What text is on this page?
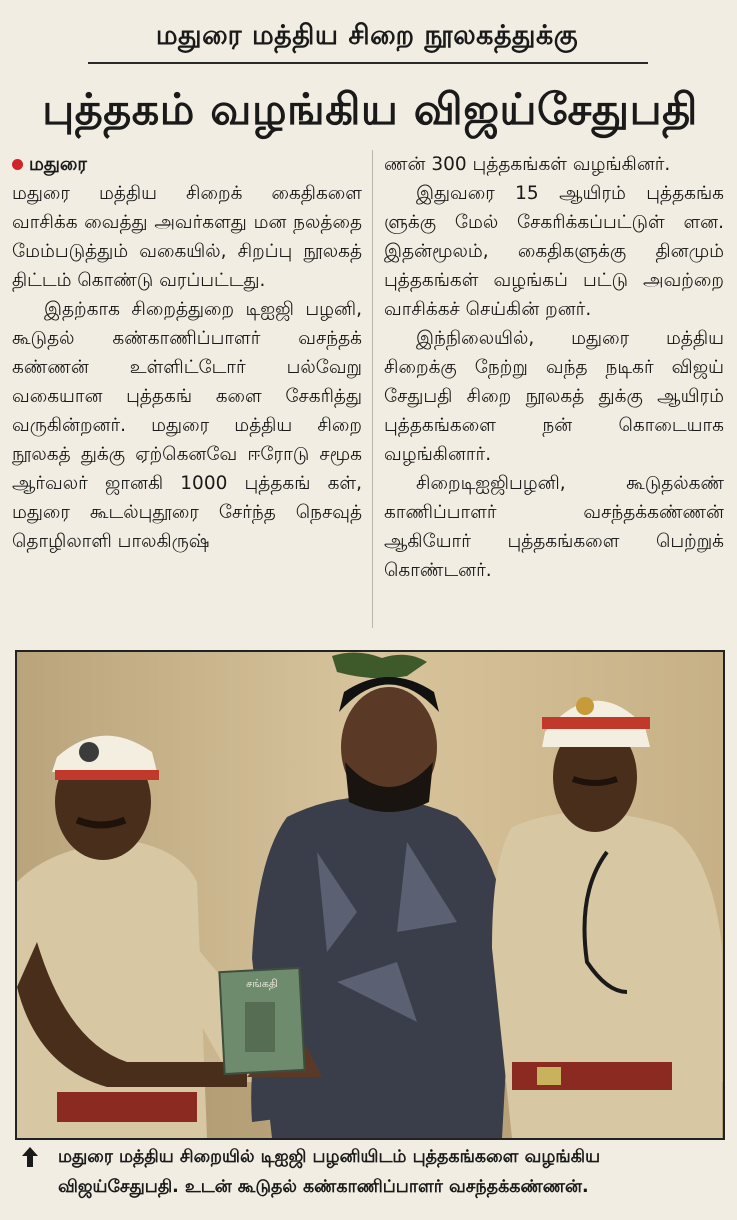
மதுரை மத்திய சிறை நூலகத்துக்கு
புத்தகம் வழங்கிய விஜய்சேதுபதி

மதுரை

மதுரை மத்திய சிறைக் கைதிகளை வாசிக்க வைத்து அவர்களது மன நலத்தை மேம்படுத்தும் வகையில், சிறப்பு நூலகத் திட்டம் கொண்டு வரப்பட்டது.

இதற்காக சிறைத்துறை டிஐஜி பழனி, கூடுதல் கண்காணிப்பாளர் வசந்தக் கண்ணன் உள்ளிட்டோர் பல்வேறு வகையான புத்தகங் களை சேகரித்து வருகின்றனர். மதுரை மத்திய சிறை நூலகத் துக்கு ஏற்கெனவே ஈரோடு சமூக ஆர்வலர் ஜானகி 1000 புத்தகங் கள், மதுரை கூடல்புதூரை சேர்ந்த நெசவுத் தொழிலாளி பாலகிருஷ்

ணன் 300 புத்தகங்கள் வழங்கினர்.

இதுவரை 15 ஆயிரம் புத்தகங்க ளுக்கு மேல் சேகரிக்கப்பட்டுள் ளன. இதன்மூலம், கைதிகளுக்கு தினமும் புத்தகங்கள் வழங்கப் பட்டு அவற்றை வாசிக்கச் செய்கின் றனர்.

இந்நிலையில், மதுரை மத்திய சிறைக்கு நேற்று வந்த நடிகர் விஜய் சேதுபதி சிறை நூலகத் துக்கு ஆயிரம் புத்தகங்களை நன் கொடையாக வழங்கினார்.

சிறைடிஐஜிபழனி, கூடுதல்கண் காணிப்பாளர் வசந்தக்கண்ணன் ஆகியோர் புத்தகங்களை பெற்றுக் கொண்டனர்.

சங்கதி
மதுரை மத்திய சிறையில் டிஐஜி பழனியிடம் புத்தகங்களை வழங்கிய
விஜய்சேதுபதி. உடன் கூடுதல் கண்காணிப்பாளர் வசந்தக்கண்ணன்.
